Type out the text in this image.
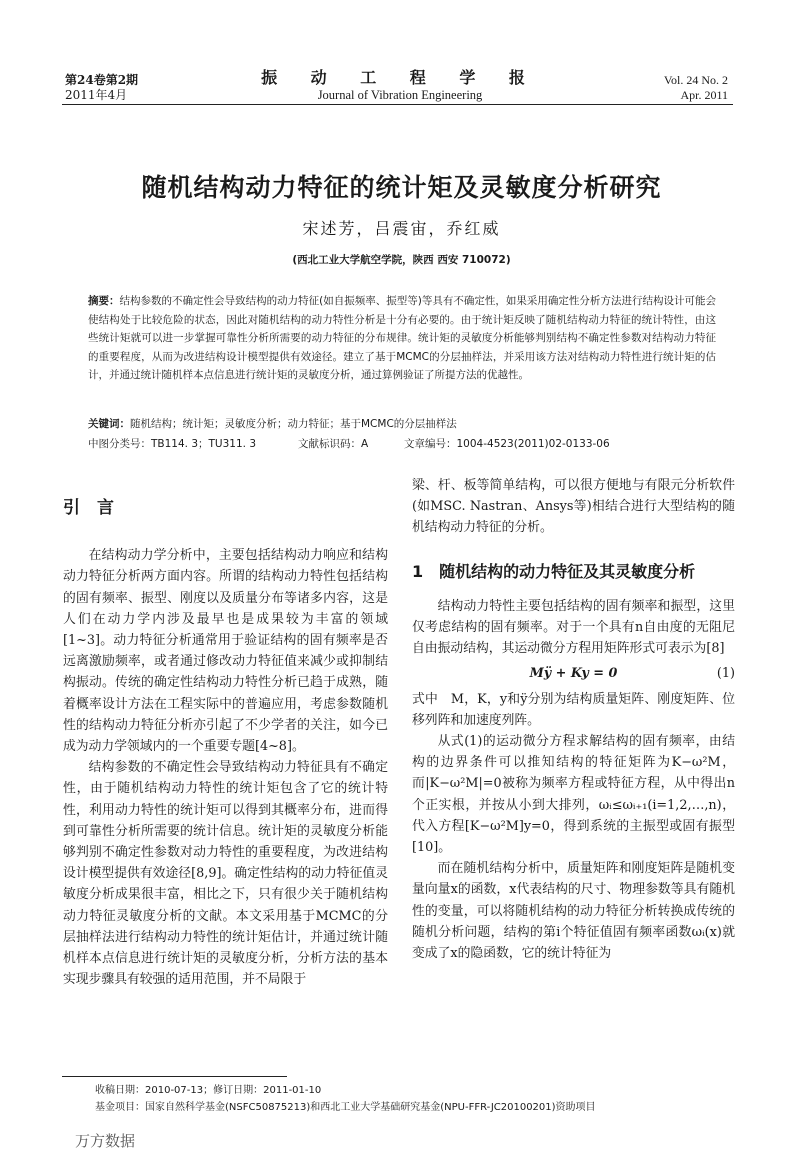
第24卷第2期
2011年4月
振 动 工 程 学 报
Journal of Vibration Engineering
Vol. 24 No. 2
Apr. 2011
随机结构动力特征的统计矩及灵敏度分析研究
宋述芳，吕震宙，乔红威
(西北工业大学航空学院，陕西 西安 710072)
摘要：结构参数的不确定性会导致结构的动力特征(如自振频率、振型等)等具有不确定性，如果采用确定性分析方法进行结构设计可能会使结构处于比较危险的状态，因此对随机结构的动力特性分析是十分有必要的。由于统计矩反映了随机结构动力特征的统计特性，由这些统计矩就可以进一步掌握可靠性分析所需要的动力特征的分布规律。统计矩的灵敏度分析能够判别结构不确定性参数对结构动力特征的重要程度，从而为改进结构设计模型提供有效途径。建立了基于MCMC的分层抽样法，并采用该方法对结构动力特性进行统计矩的估计，并通过统计随机样本点信息进行统计矩的灵敏度分析，通过算例验证了所提方法的优越性。
关键词：随机结构；统计矩；灵敏度分析；动力特征；基于MCMC的分层抽样法
中图分类号：TB114. 3；TU311. 3	文献标识码：A	文章编号：1004-4523(2011)02-0133-06
引　言

在结构动力学分析中，主要包括结构动力响应和结构动力特征分析两方面内容。所谓的结构动力特性包括结构的固有频率、振型、刚度以及质量分布等诸多内容，这是人们在动力学内涉及最早也是成果较为丰富的领域[1~3]。动力特征分析通常用于验证结构的固有频率是否远离激励频率，或者通过修改动力特征值来减少或抑制结构振动。传统的确定性结构动力特性分析已趋于成熟，随着概率设计方法在工程实际中的普遍应用，考虑参数随机性的结构动力特征分析亦引起了不少学者的关注，如今已成为动力学领域内的一个重要专题[4~8]。

结构参数的不确定性会导致结构动力特征具有不确定性，由于随机结构动力特性的统计矩包含了它的统计特性，利用动力特性的统计矩可以得到其概率分布，进而得到可靠性分析所需要的统计信息。统计矩的灵敏度分析能够判别不确定性参数对动力特性的重要程度，为改进结构设计模型提供有效途径[8,9]。确定性结构的动力特征值灵敏度分析成果很丰富，相比之下，只有很少关于随机结构动力特征灵敏度分析的文献。本文采用基于MCMC的分层抽样法进行结构动力特性的统计矩估计，并通过统计随机样本点信息进行统计矩的灵敏度分析，分析方法的基本实现步骤具有较强的适用范围，并不局限于

梁、杆、板等简单结构，可以很方便地与有限元分析软件(如MSC. Nastran、Ansys等)相结合进行大型结构的随机结构动力特征的分析。

1　随机结构的动力特征及其灵敏度分析

结构动力特性主要包括结构的固有频率和振型，这里仅考虑结构的固有频率。对于一个具有n自由度的无阻尼自由振动结构，其运动微分方程用矩阵形式可表示为[8]

Mÿ + Ky = 0	(1)

式中　M，K，y和ÿ分别为结构质量矩阵、刚度矩阵、位移列阵和加速度列阵。

从式(1)的运动微分方程求解结构的固有频率，由结构的边界条件可以推知结构的特征矩阵为K−ω²M，而|K−ω²M|=0被称为频率方程或特征方程，从中得出n个正实根，并按从小到大排列，ωᵢ≤ωᵢ₊₁(i=1,2,…,n)，代入方程[K−ω²M]y=0，得到系统的主振型或固有振型[10]。

而在随机结构分析中，质量矩阵和刚度矩阵是随机变量向量x的函数，x代表结构的尺寸、物理参数等具有随机性的变量，可以将随机结构的动力特征分析转换成传统的随机分析问题，结构的第i个特征值固有频率函数ωᵢ(x)就变成了x的隐函数，它的统计特征为

收稿日期：2010-07-13；修订日期：2011-01-10
基金项目：国家自然科学基金(NSFC50875213)和西北工业大学基础研究基金(NPU-FFR-JC20100201)资助项目
万方数据
